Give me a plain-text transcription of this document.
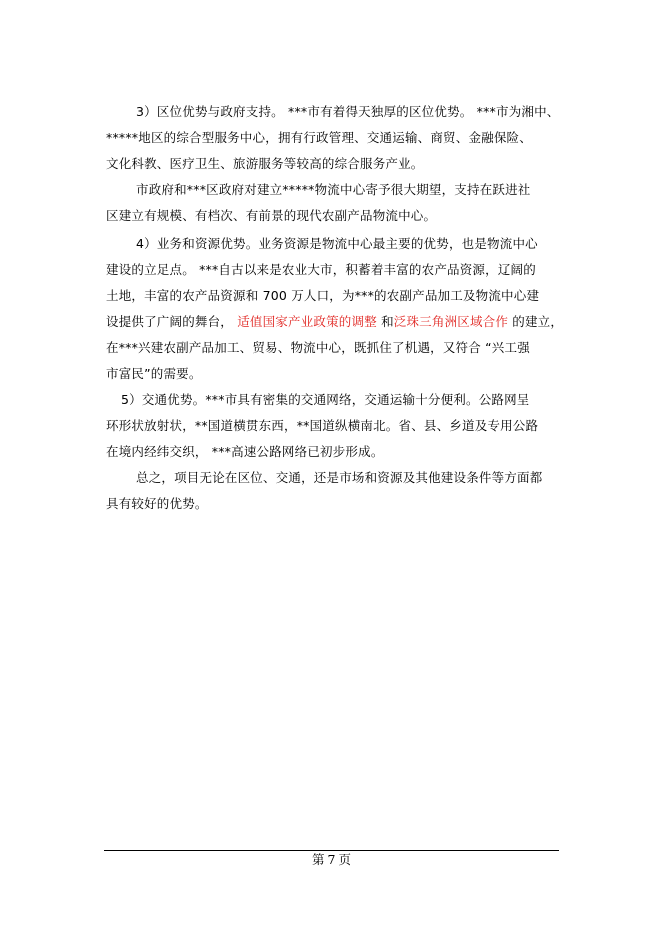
3）区位优势与政府支持。 ***市有着得天独厚的区位优势。 ***市为湘中、
*****地区的综合型服务中心，拥有行政管理、交通运输、商贸、金融保险、
文化科教、医疗卫生、旅游服务等较高的综合服务产业。
市政府和***区政府对建立*****物流中心寄予很大期望，支持在跃进社
区建立有规模、有档次、有前景的现代农副产品物流中心。
4）业务和资源优势。业务资源是物流中心最主要的优势，也是物流中心
建设的立足点。 ***自古以来是农业大市，积蓄着丰富的农产品资源，辽阔的
土地，丰富的农产品资源和 700 万人口，为***的农副产品加工及物流中心建
设提供了广阔的舞台， 适值国家产业政策的调整 和泛珠三角洲区域合作 的建立，
在***兴建农副产品加工、贸易、物流中心，既抓住了机遇，又符合 “兴工强
市富民”的需要。
5）交通优势。***市具有密集的交通网络，交通运输十分便利。公路网呈
环形状放射状，**国道横贯东西，**国道纵横南北。省、县、乡道及专用公路
在境内经纬交织， ***高速公路网络已初步形成。
总之，项目无论在区位、交通，还是市场和资源及其他建设条件等方面都
具有较好的优势。
第 7 页
